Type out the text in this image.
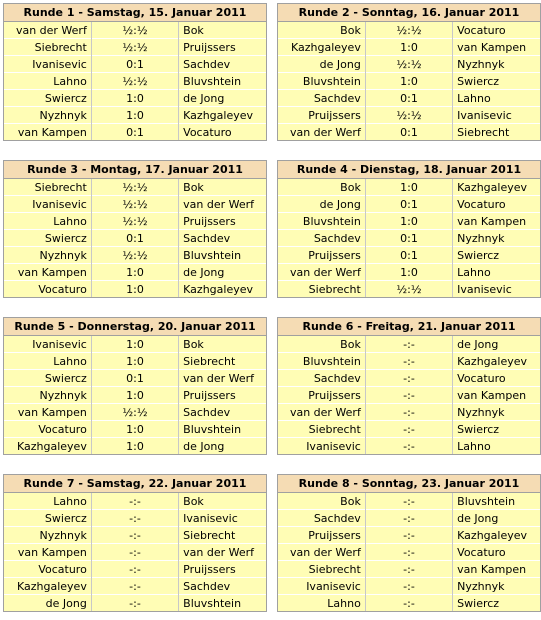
Runde 1 - Samstag, 15. Januar 2011		
van der Werf	½:½	Bok
Siebrecht	½:½	Pruijssers
Ivanisevic	0:1	Sachdev
Lahno	½:½	Bluvshtein
Swiercz	1:0	de Jong
Nyzhnyk	1:0	Kazhgaleyev
van Kampen	0:1	Vocaturo
Runde 2 - Sonntag, 16. Januar 2011		
Bok	½:½	Vocaturo
Kazhgaleyev	1:0	van Kampen
de Jong	½:½	Nyzhnyk
Bluvshtein	1:0	Swiercz
Sachdev	0:1	Lahno
Pruijssers	½:½	Ivanisevic
van der Werf	0:1	Siebrecht
Runde 3 - Montag, 17. Januar 2011		
Siebrecht	½:½	Bok
Ivanisevic	½:½	van der Werf
Lahno	½:½	Pruijssers
Swiercz	0:1	Sachdev
Nyzhnyk	½:½	Bluvshtein
van Kampen	1:0	de Jong
Vocaturo	1:0	Kazhgaleyev
Runde 4 - Dienstag, 18. Januar 2011		
Bok	1:0	Kazhgaleyev
de Jong	0:1	Vocaturo
Bluvshtein	1:0	van Kampen
Sachdev	0:1	Nyzhnyk
Pruijssers	0:1	Swiercz
van der Werf	1:0	Lahno
Siebrecht	½:½	Ivanisevic
Runde 5 - Donnerstag, 20. Januar 2011		
Ivanisevic	1:0	Bok
Lahno	1:0	Siebrecht
Swiercz	0:1	van der Werf
Nyzhnyk	1:0	Pruijssers
van Kampen	½:½	Sachdev
Vocaturo	1:0	Bluvshtein
Kazhgaleyev	1:0	de Jong
Runde 6 - Freitag, 21. Januar 2011		
Bok	-:-	de Jong
Bluvshtein	-:-	Kazhgaleyev
Sachdev	-:-	Vocaturo
Pruijssers	-:-	van Kampen
van der Werf	-:-	Nyzhnyk
Siebrecht	-:-	Swiercz
Ivanisevic	-:-	Lahno
Runde 7 - Samstag, 22. Januar 2011		
Lahno	-:-	Bok
Swiercz	-:-	Ivanisevic
Nyzhnyk	-:-	Siebrecht
van Kampen	-:-	van der Werf
Vocaturo	-:-	Pruijssers
Kazhgaleyev	-:-	Sachdev
de Jong	-:-	Bluvshtein
Runde 8 - Sonntag, 23. Januar 2011		
Bok	-:-	Bluvshtein
Sachdev	-:-	de Jong
Pruijssers	-:-	Kazhgaleyev
van der Werf	-:-	Vocaturo
Siebrecht	-:-	van Kampen
Ivanisevic	-:-	Nyzhnyk
Lahno	-:-	Swiercz
